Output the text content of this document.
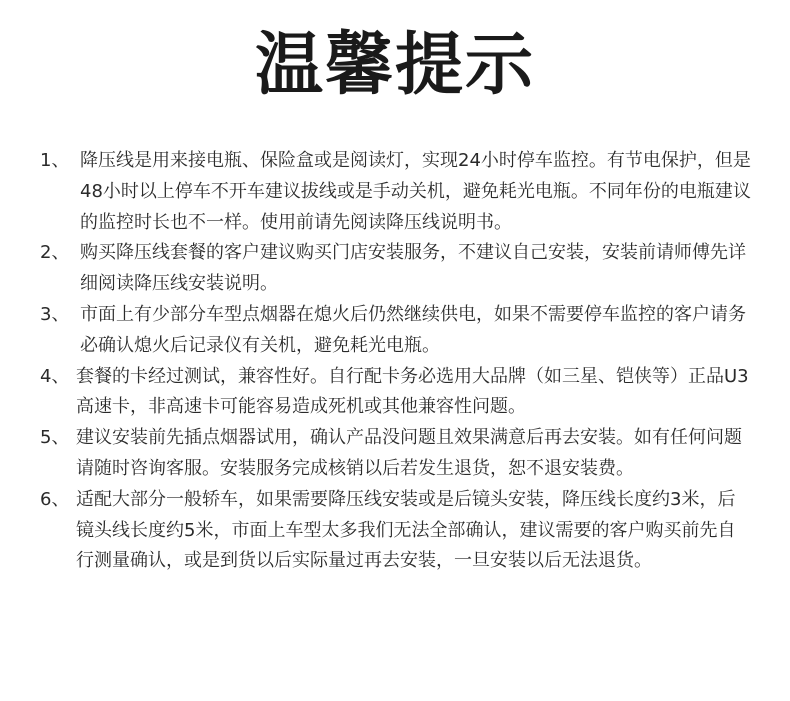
温馨提示
1、 降压线是用来接电瓶、保险盒或是阅读灯，实现24小时停车监控。有节电保护，但是48小时以上停车不开车建议拔线或是手动关机，避免耗光电瓶。不同年份的电瓶建议的监控时长也不一样。使用前请先阅读降压线说明书。
2、 购买降压线套餐的客户建议购买门店安装服务，不建议自己安装，安装前请师傅先详细阅读降压线安装说明。
3、 市面上有少部分车型点烟器在熄火后仍然继续供电，如果不需要停车监控的客户请务必确认熄火后记录仪有关机，避免耗光电瓶。
4、 套餐的卡经过测试，兼容性好。自行配卡务必选用大品牌（如三星、铠侠等）正品U3高速卡，非高速卡可能容易造成死机或其他兼容性问题。
5、 建议安装前先插点烟器试用，确认产品没问题且效果满意后再去安装。如有任何问题请随时咨询客服。安装服务完成核销以后若发生退货，恕不退安装费。
6、 适配大部分一般轿车，如果需要降压线安装或是后镜头安装，降压线长度约3米，后镜头线长度约5米，市面上车型太多我们无法全部确认，建议需要的客户购买前先自行测量确认，或是到货以后实际量过再去安装，一旦安装以后无法退货。
